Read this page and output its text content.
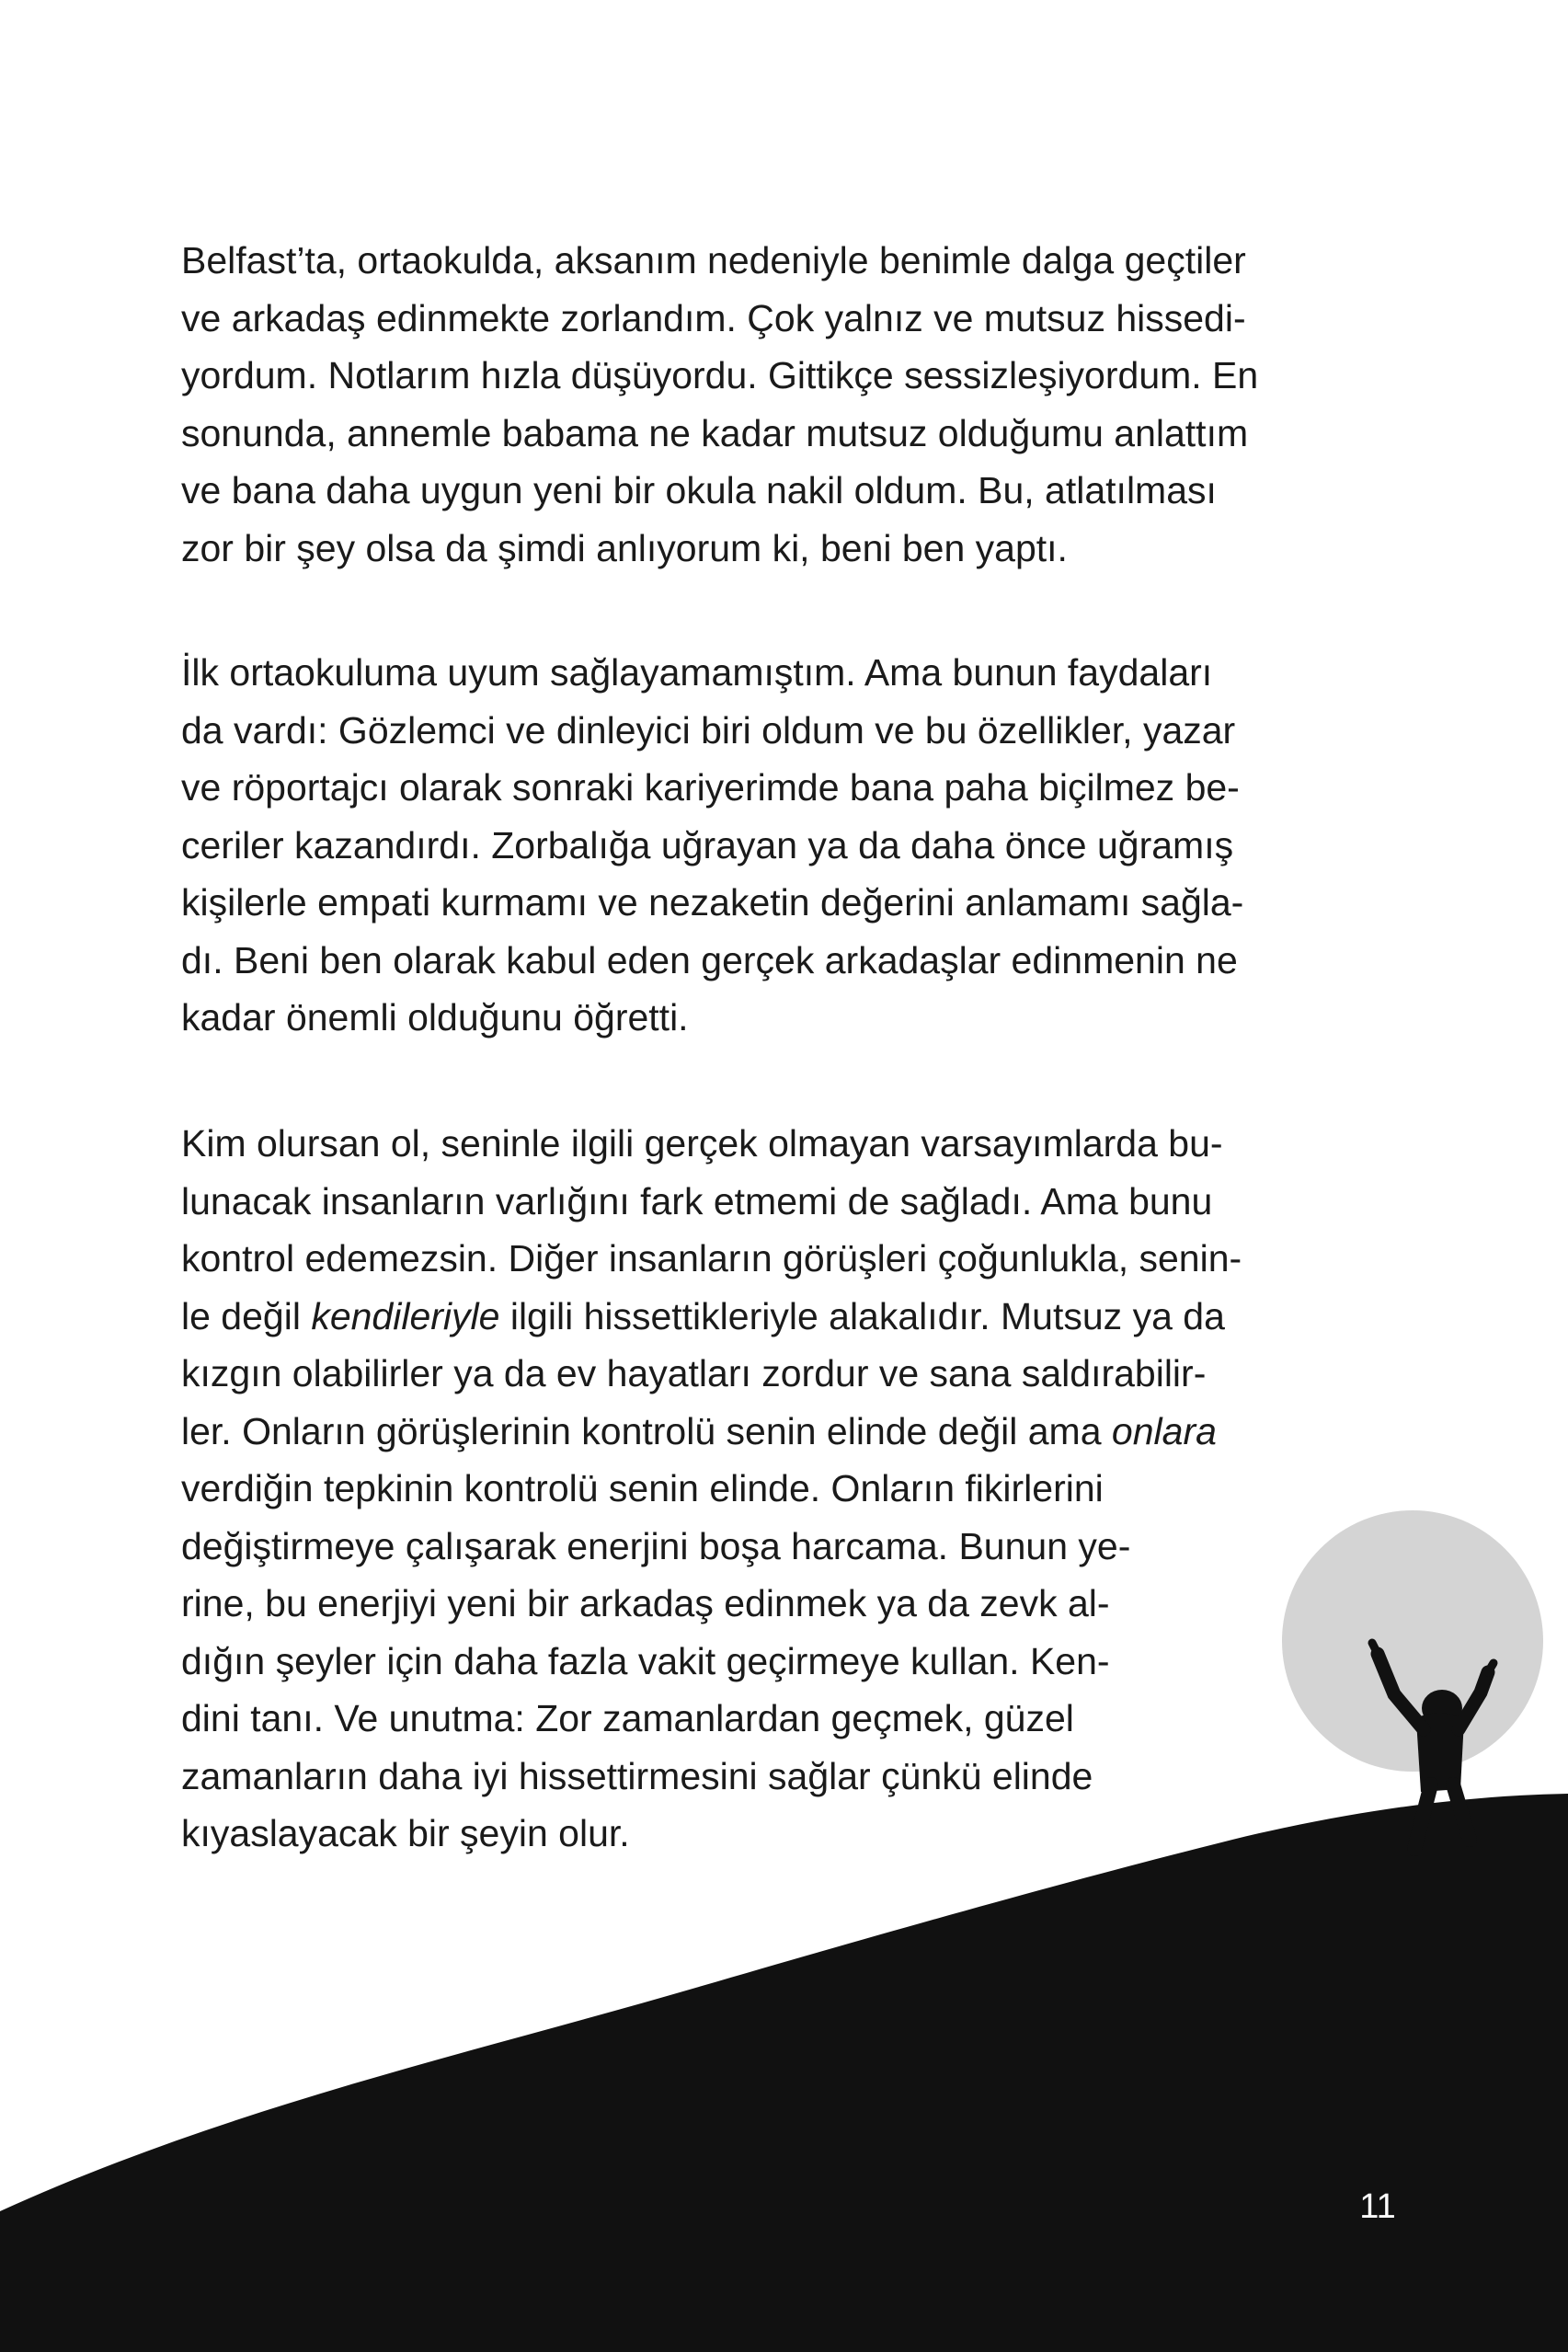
Belfast’ta, ortaokulda, aksanım nedeniyle benimle dalga geçtiler
ve arkadaş edinmekte zorlandım. Çok yalnız ve mutsuz hissedi-
yordum. Notlarım hızla düşüyordu. Gittikçe sessizleşiyordum. En
sonunda, annemle babama ne kadar mutsuz olduğumu anlattım
ve bana daha uygun yeni bir okula nakil oldum. Bu, atlatılması
zor bir şey olsa da şimdi anlıyorum ki, beni ben yaptı.

İlk ortaokuluma uyum sağlayamamıştım. Ama bunun faydaları
da vardı: Gözlemci ve dinleyici biri oldum ve bu özellikler, yazar
ve röportajcı olarak sonraki kariyerimde bana paha biçilmez be-
ceriler kazandırdı. Zorbalığa uğrayan ya da daha önce uğramış
kişilerle empati kurmamı ve nezaketin değerini anlamamı sağla-
dı. Beni ben olarak kabul eden gerçek arkadaşlar edinmenin ne
kadar önemli olduğunu öğretti.

Kim olursan ol, seninle ilgili gerçek olmayan varsayımlarda bu-
lunacak insanların varlığını fark etmemi de sağladı. Ama bunu
kontrol edemezsin. Diğer insanların görüşleri çoğunlukla, senin-
le değil kendileriyle ilgili hissettikleriyle alakalıdır. Mutsuz ya da
kızgın olabilirler ya da ev hayatları zordur ve sana saldırabilir-
ler. Onların görüşlerinin kontrolü senin elinde değil ama onlara
verdiğin tepkinin kontrolü senin elinde. Onların fikirlerini
değiştirmeye çalışarak enerjini boşa harcama. Bunun ye-
rine, bu enerjiyi yeni bir arkadaş edinmek ya da zevk al-
dığın şeyler için daha fazla vakit geçirmeye kullan. Ken-
dini tanı. Ve unutma: Zor zamanlardan geçmek, güzel
zamanların daha iyi hissettirmesini sağlar çünkü elinde
kıyaslayacak bir şeyin olur.

11
